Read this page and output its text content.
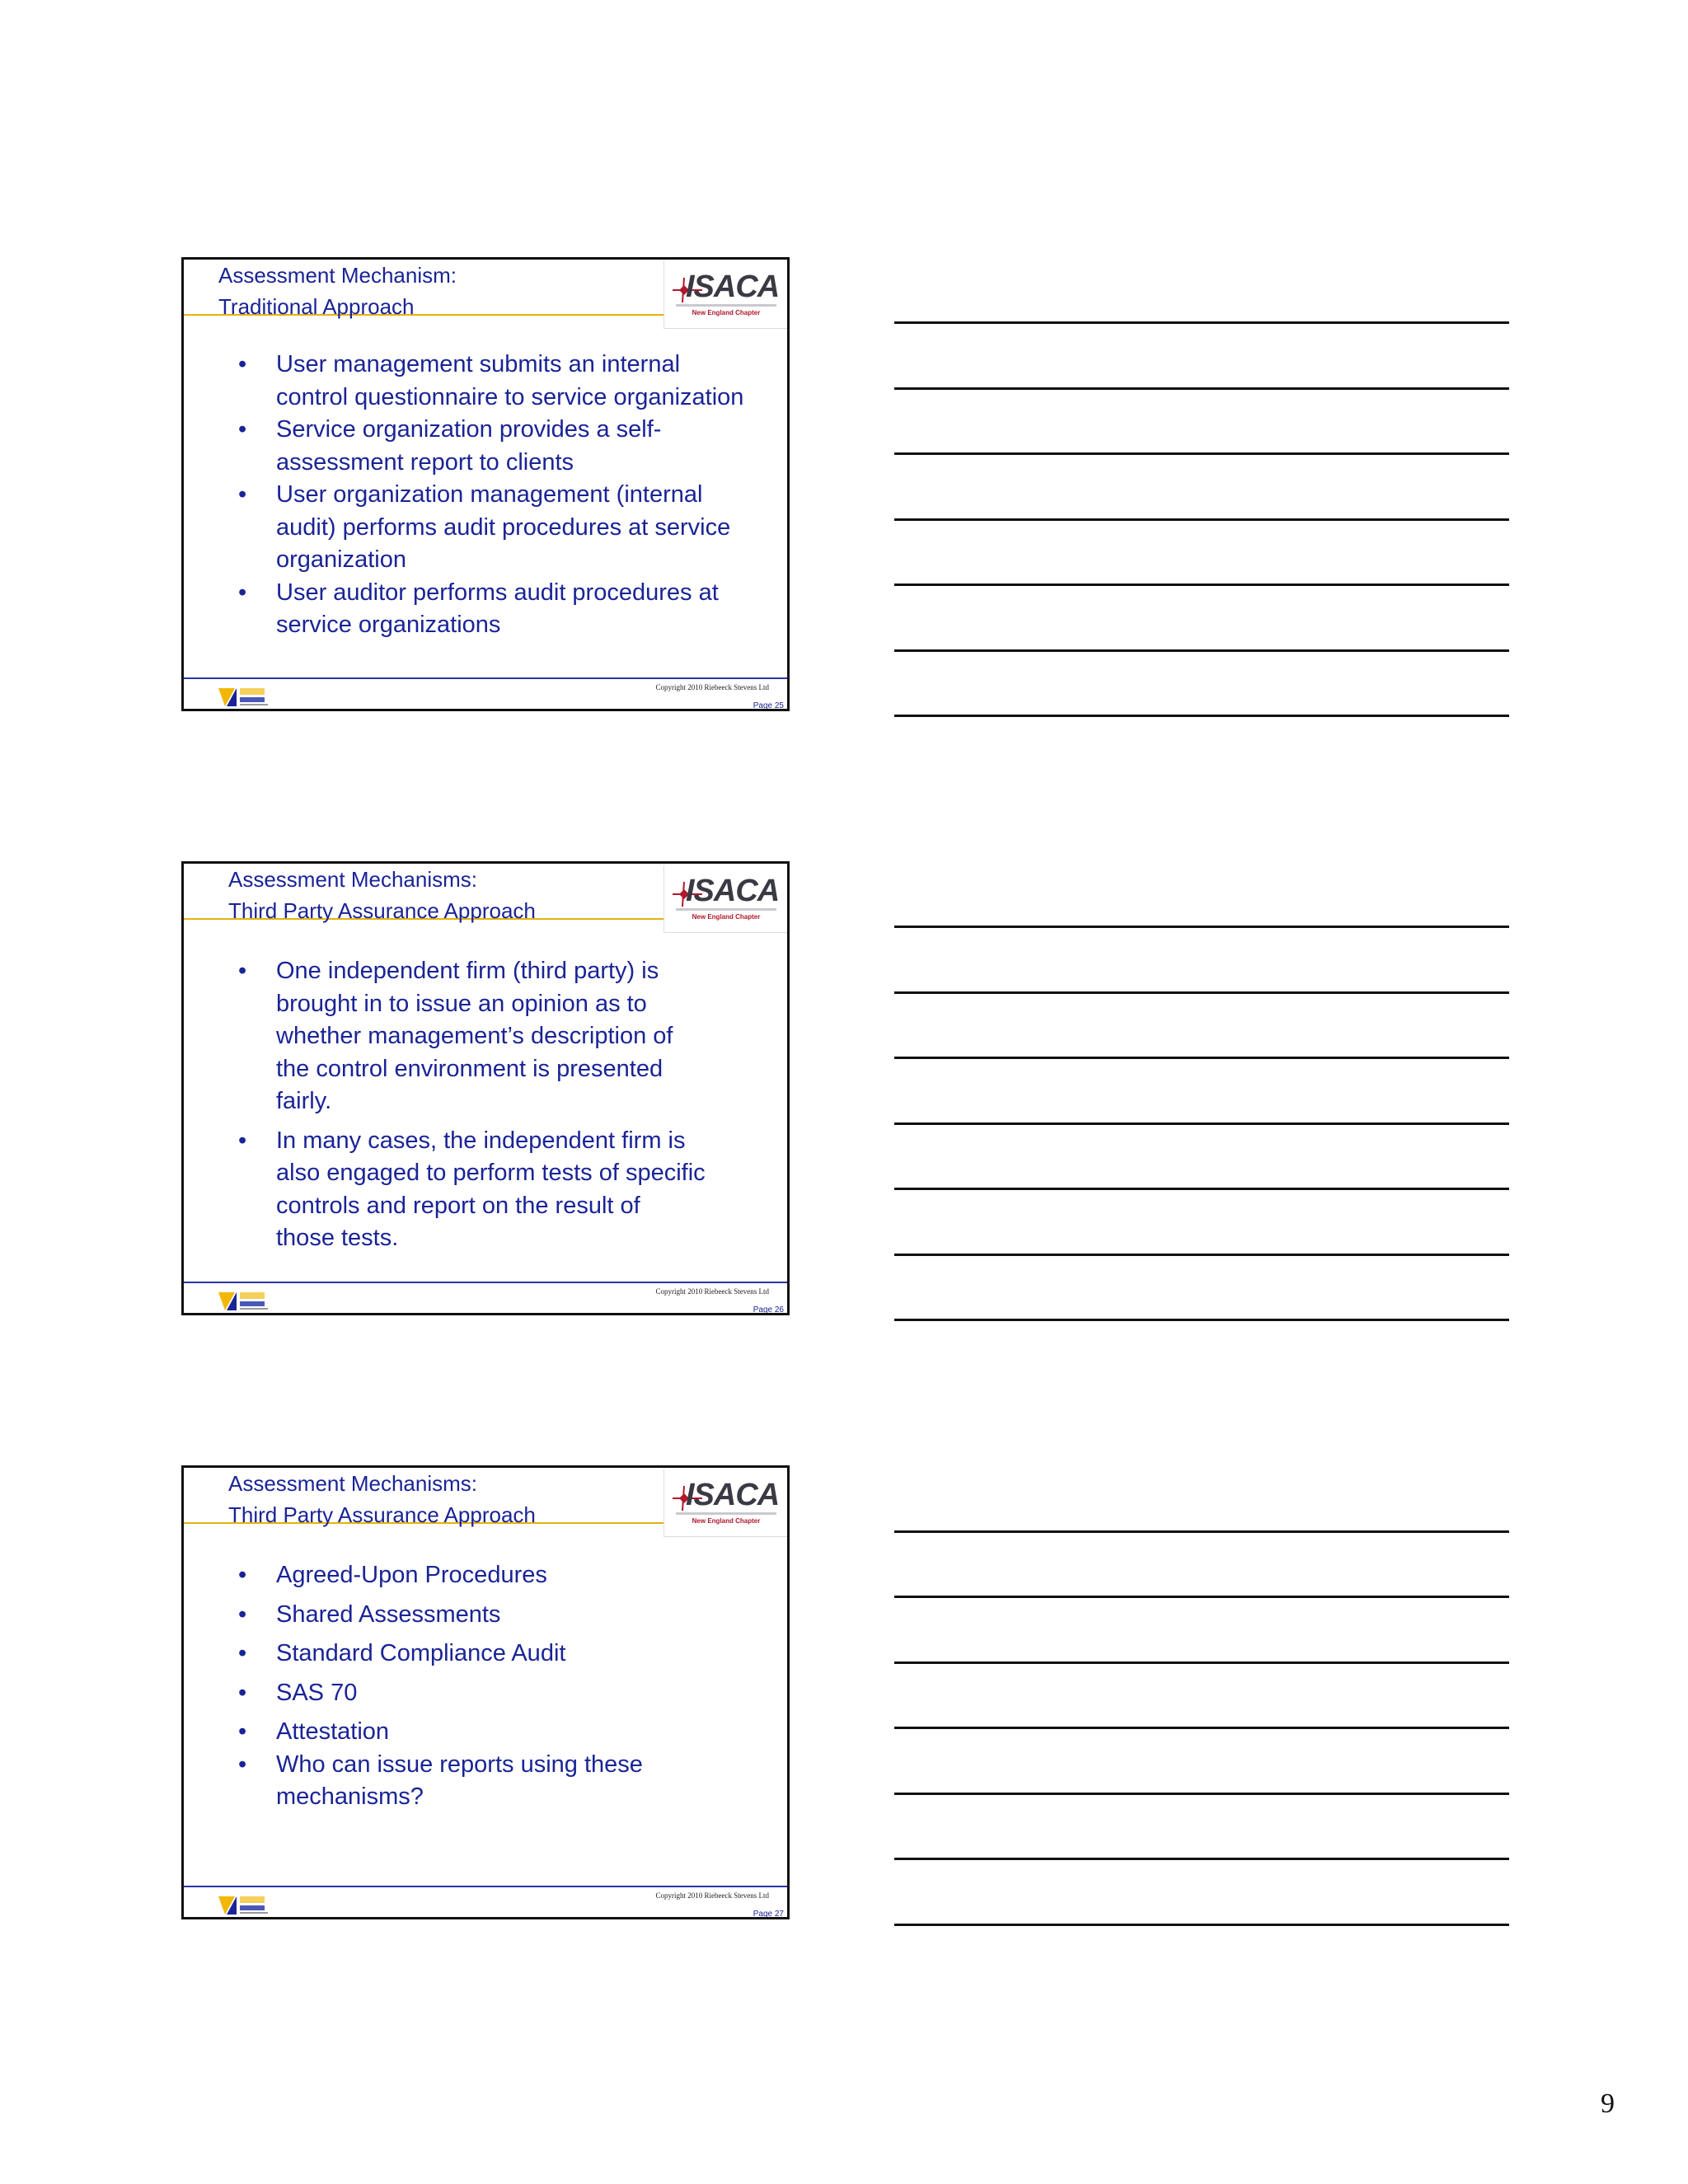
Assessment Mechanism:
Traditional Approach
ISACA
New England Chapter
• User management submits an internal
control questionnaire to service organization
• Service organization provides a self-
assessment report to clients
• User organization management (internal
audit) performs audit procedures at service
organization
• User auditor performs audit procedures at
service organizations
Copyright 2010 Riebeeck Stevens Ltd
Page 25
Assessment Mechanisms:
Third Party Assurance Approach
ISACA
New England Chapter
• One independent firm (third party) is
brought in to issue an opinion as to
whether management’s description of
the control environment is presented
fairly.
• In many cases, the independent firm is
also engaged to perform tests of specific
controls and report on the result of
those tests.
Copyright 2010 Riebeeck Stevens Ltd
Page 26
Assessment Mechanisms:
Third Party Assurance Approach
ISACA
New England Chapter
• Agreed-Upon Procedures
• Shared Assessments
• Standard Compliance Audit
• SAS 70
• Attestation
• Who can issue reports using these
mechanisms?
Copyright 2010 Riebeeck Stevens Ltd
Page 27
9
